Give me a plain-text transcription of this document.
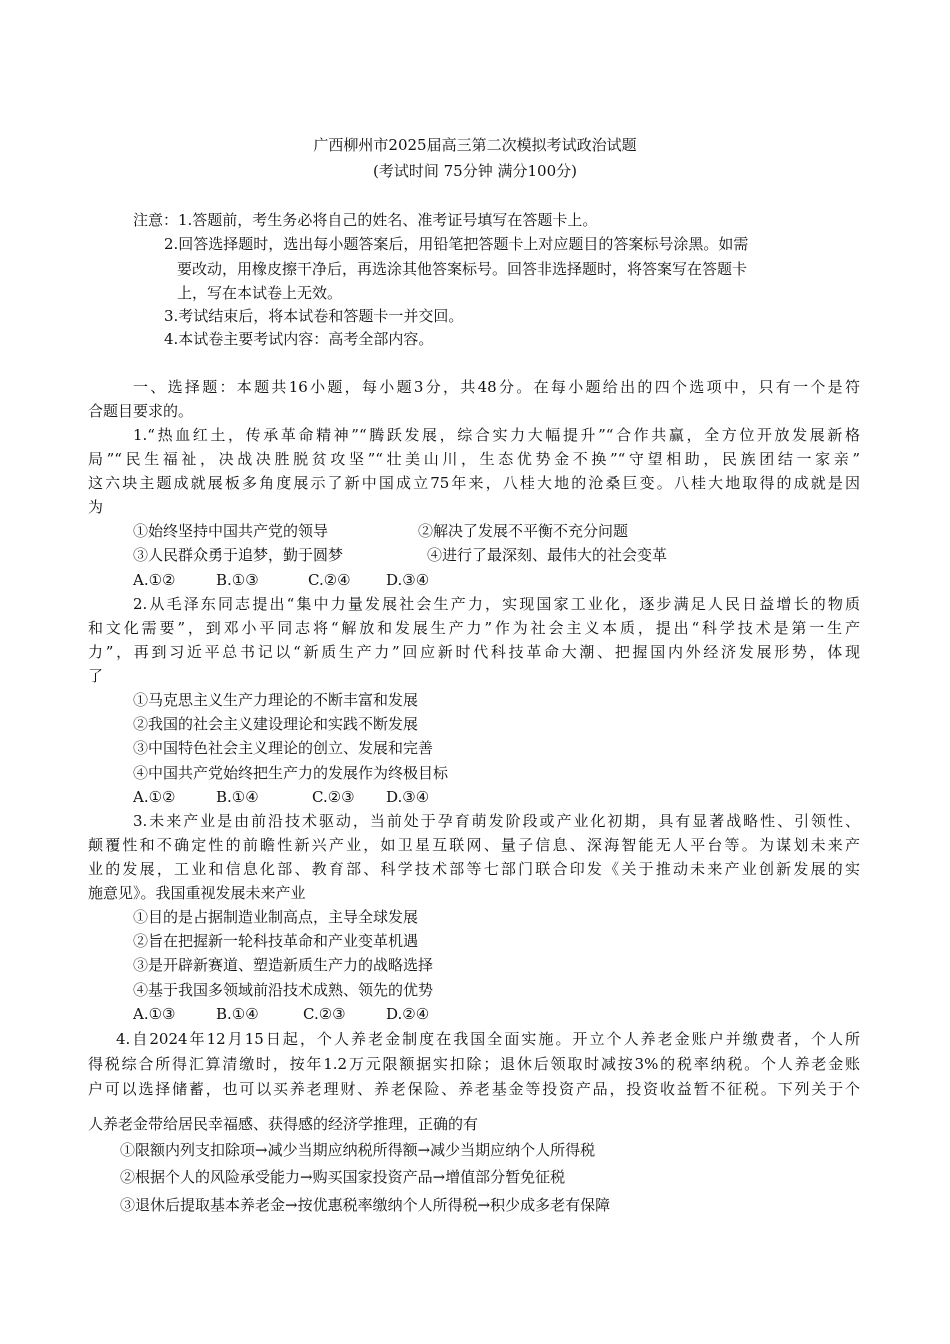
广西柳州市2025届高三第二次模拟考试政治试题
(考试时间 75分钟 满分100分)
注意：1.答题前，考生务必将自己的姓名、准考证号填写在答题卡上。
2.回答选择题时，选出每小题答案后，用铅笔把答题卡上对应题目的答案标号涂黑。如需
要改动，用橡皮擦干净后，再选涂其他答案标号。回答非选择题时，将答案写在答题卡
上，写在本试卷上无效。
3.考试结束后，将本试卷和答题卡一并交回。
4.本试卷主要考试内容：高考全部内容。
一、选择题：本题共16小题，每小题3分，共48分。在每小题给出的四个选项中，只有一个是符
合题目要求的。
1.“热血红土，传承革命精神”“腾跃发展，综合实力大幅提升”“合作共赢，全方位开放发展新格
局”“民生福祉，决战决胜脱贫攻坚”“壮美山川，生态优势金不换”“守望相助，民族团结一家亲”
这六块主题成就展板多角度展示了新中国成立75年来，八桂大地的沧桑巨变。八桂大地取得的成就是因
为
①始终坚持中国共产党的领导	②解决了发展不平衡不充分问题
③人民群众勇于追梦，勤于圆梦	④进行了最深刻、最伟大的社会变革
A.①②	B.①③	C.②④ D.③④
2.从毛泽东同志提出“集中力量发展社会生产力，实现国家工业化，逐步满足人民日益增长的物质
和文化需要”，到邓小平同志将“解放和发展生产力”作为社会主义本质，提出“科学技术是第一生产
力”，再到习近平总书记以“新质生产力”回应新时代科技革命大潮、把握国内外经济发展形势，体现
了
①马克思主义生产力理论的不断丰富和发展
②我国的社会主义建设理论和实践不断发展
③中国特色社会主义理论的创立、发展和完善
④中国共产党始终把生产力的发展作为终极目标
A.①②	B.①④	C.②③ D.③④
3.未来产业是由前沿技术驱动，当前处于孕育萌发阶段或产业化初期，具有显著战略性、引领性、
颠覆性和不确定性的前瞻性新兴产业，如卫星互联网、量子信息、深海智能无人平台等。为谋划未来产
业的发展，工业和信息化部、教育部、科学技术部等七部门联合印发《关于推动未来产业创新发展的实
施意见》。我国重视发展未来产业
①目的是占据制造业制高点，主导全球发展
②旨在把握新一轮科技革命和产业变革机遇
③是开辟新赛道、塑造新质生产力的战略选择
④基于我国多领域前沿技术成熟、领先的优势
A.①③	B.①④	C.②③	D.②④
4.自2024年12月15日起，个人养老金制度在我国全面实施。开立个人养老金账户并缴费者，个人所
得税综合所得汇算清缴时，按年1.2万元限额据实扣除；退休后领取时减按3%的税率纳税。个人养老金账
户可以选择储蓄，也可以买养老理财、养老保险、养老基金等投资产品，投资收益暂不征税。下列关于个
人养老金带给居民幸福感、获得感的经济学推理，正确的有
①限额内列支扣除项→减少当期应纳税所得额→减少当期应纳个人所得税
②根据个人的风险承受能力→购买国家投资产品→增值部分暂免征税
③退休后提取基本养老金→按优惠税率缴纳个人所得税→积少成多老有保障
